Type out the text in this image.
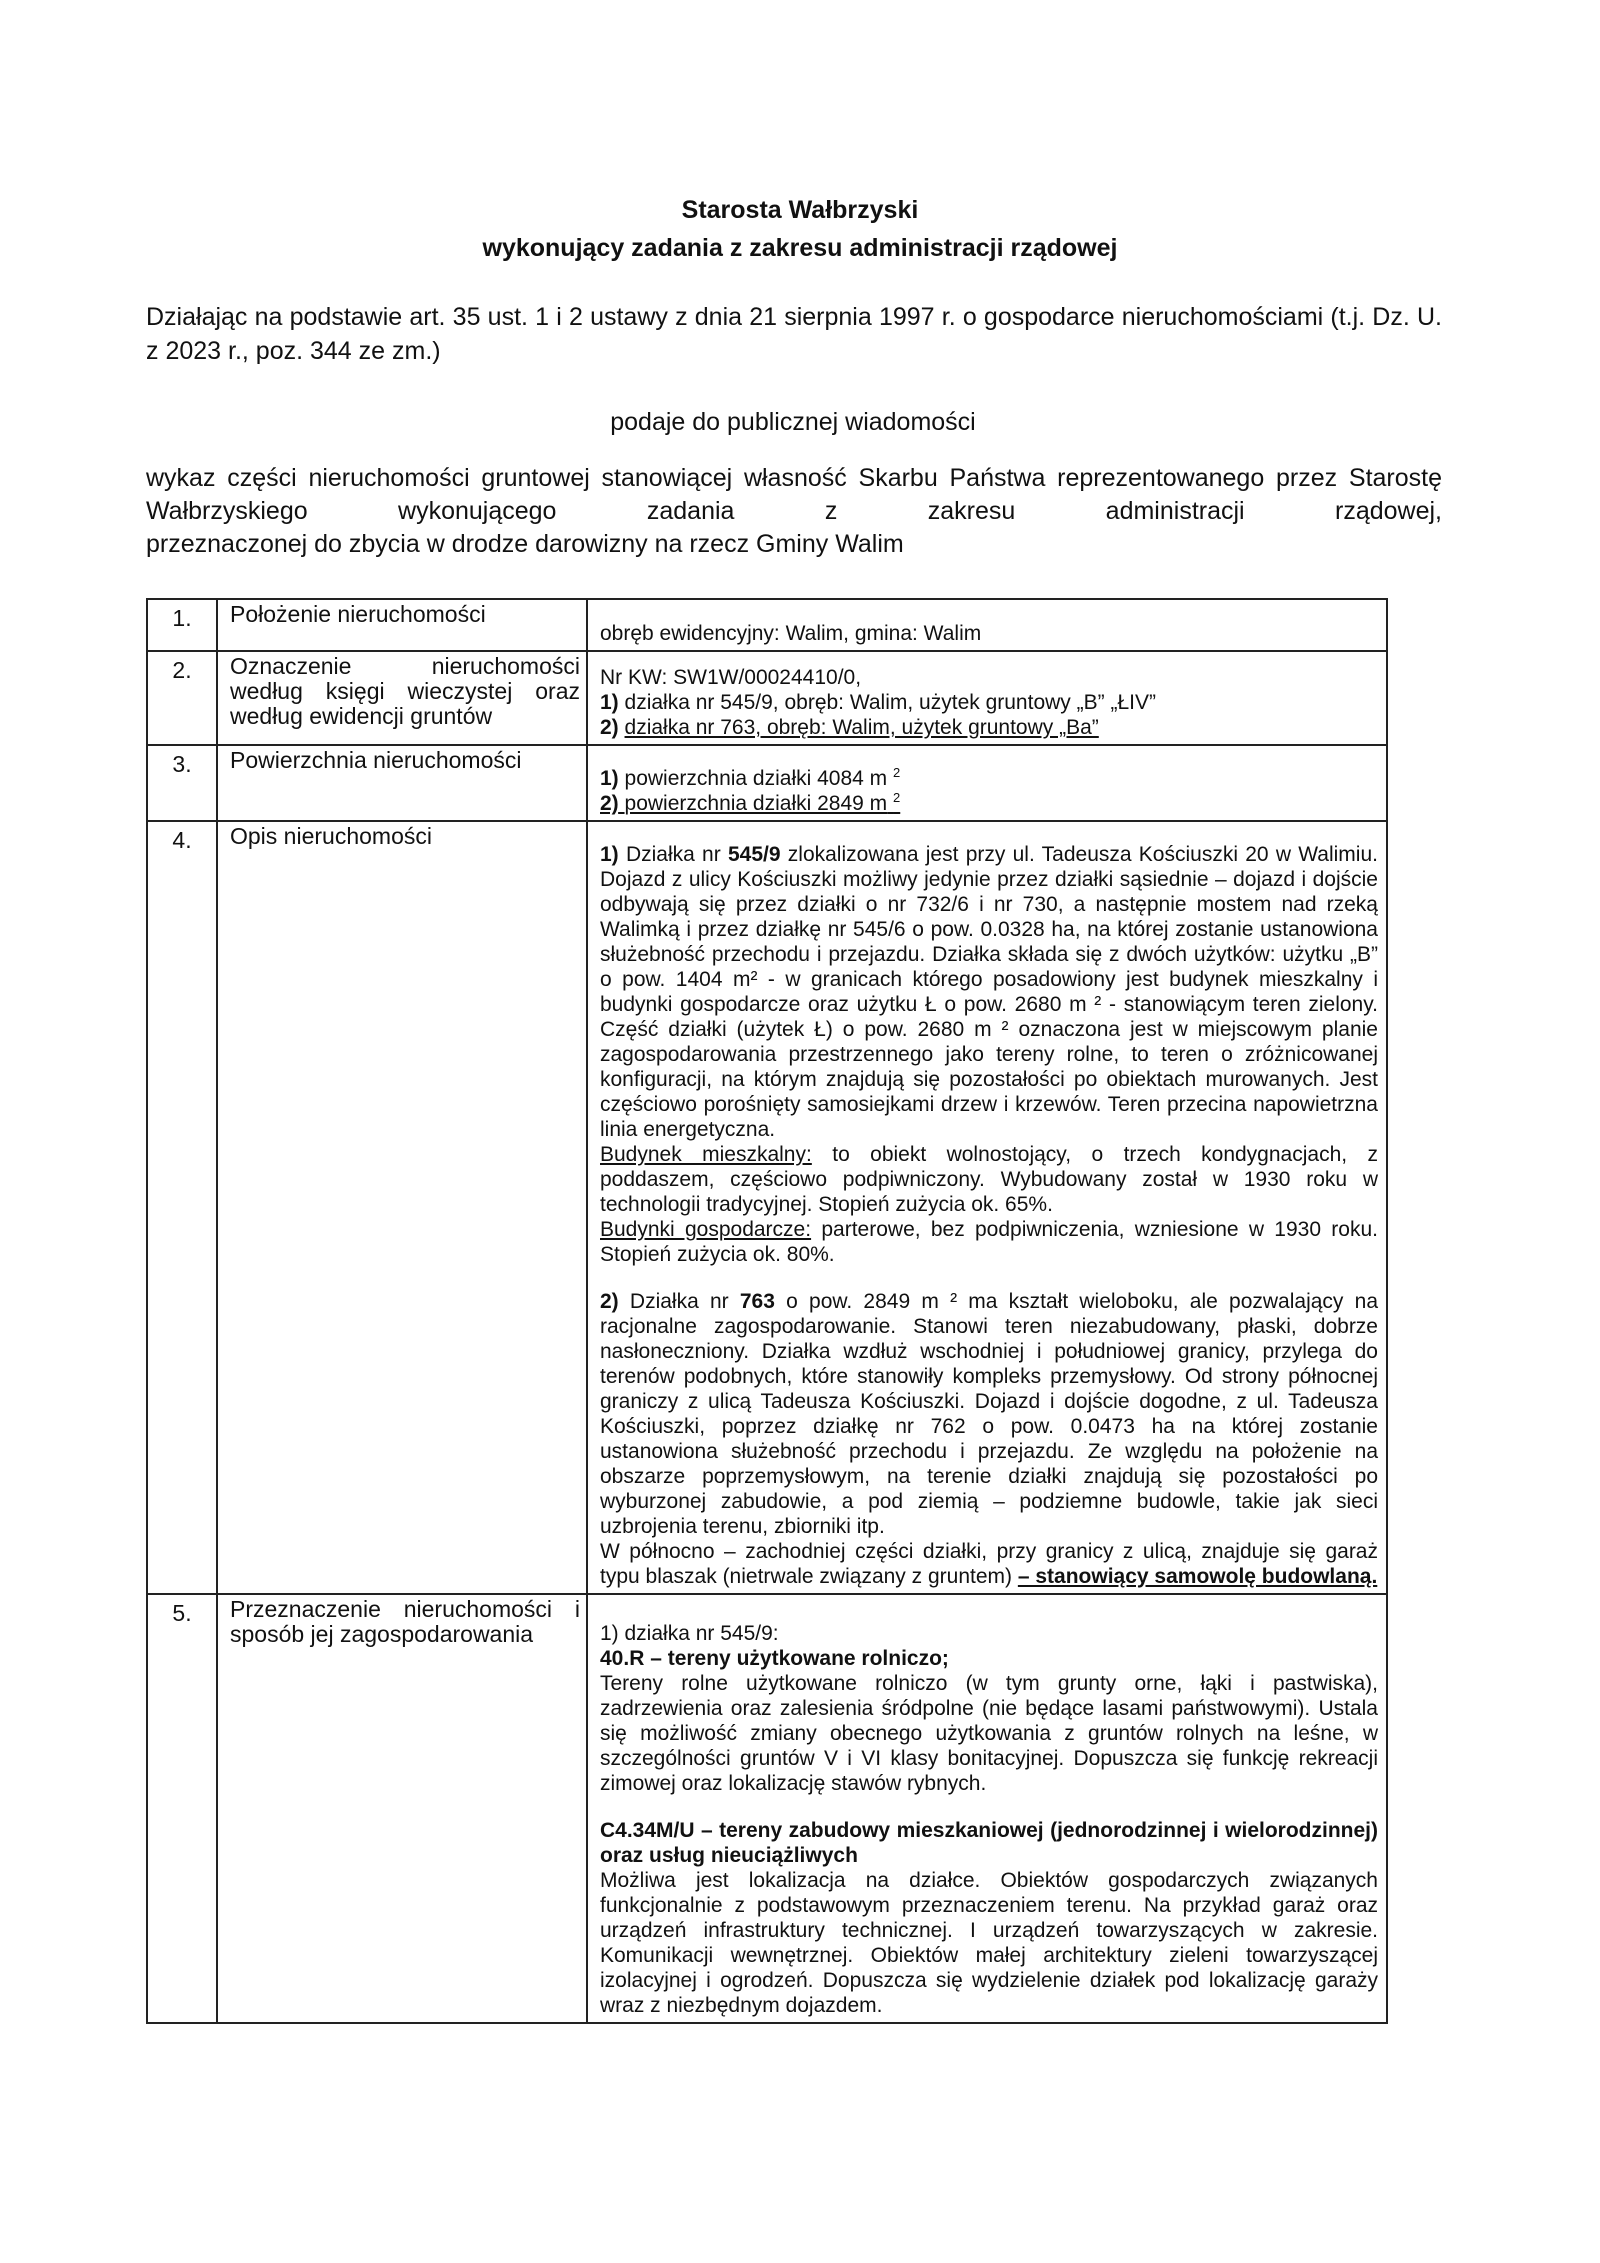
Starosta Wałbrzyski
wykonujący zadania z zakresu administracji rządowej
Działając na podstawie art. 35 ust. 1 i 2 ustawy z dnia 21 sierpnia 1997 r. o gospodarce nieruchomościami (t.j. Dz. U. z 2023 r., poz. 344 ze zm.)
podaje do publicznej wiadomości
wykaz części nieruchomości gruntowej stanowiącej własność Skarbu Państwa reprezentowanego przez Starostę Wałbrzyskiego wykonującego zadania z zakresu administracji rządowej,
przeznaczonej do zbycia w drodze darowizny na rzecz Gminy Walim
1.	Położenie nieruchomości	obręb ewidencyjny: Walim, gmina: Walim

2.	Oznaczenie nieruchomości według księgi wieczystej oraz według ewidencji gruntów	Nr KW: SW1W/00024410/0,

1) działka nr 545/9, obręb: Walim, użytek gruntowy „B” „ŁIV”

2) działka nr 763, obręb: Walim, użytek gruntowy „Ba”

3.	Powierzchnia nieruchomości	1) powierzchnia działki 4084 m $^2$

2) powierzchnia działki 2849 m $^2$

4.	Opis nieruchomości	1) Działka nr 545/9 zlokalizowana jest przy ul. Tadeusza Kościuszki 20 w Walimiu. Dojazd z ulicy Kościuszki możliwy jedynie przez działki sąsiednie – dojazd i dojście odbywają się przez działki o nr 732/6 i nr 730, a następnie mostem nad rzeką Walimką i przez działkę nr 545/6 o pow. 0.0328 ha, na której zostanie ustanowiona służebność przechodu i przejazdu. Działka składa się z dwóch użytków: użytku „B” o pow. 1404 m² - w granicach którego posadowiony jest budynek mieszkalny i budynki gospodarcze oraz użytku Ł o pow. 2680 m ² - stanowiącym teren zielony. Część działki (użytek Ł) o pow. 2680 m ² oznaczona jest w miejscowym planie zagospodarowania przestrzennego jako tereny rolne, to teren o zróżnicowanej konfiguracji, na którym znajdują się pozostałości po obiektach murowanych. Jest częściowo porośnięty samosiejkami drzew i krzewów. Teren przecina napowietrzna linia energetyczna.

Budynek mieszkalny: to obiekt wolnostojący, o trzech kondygnacjach, z poddaszem, częściowo podpiwniczony. Wybudowany został w 1930 roku w technologii tradycyjnej. Stopień zużycia ok. 65%.

Budynki gospodarcze: parterowe, bez podpiwniczenia, wzniesione w 1930 roku. Stopień zużycia ok. 80%.

2) Działka nr 763 o pow. 2849 m ² ma kształt wieloboku, ale pozwalający na racjonalne zagospodarowanie. Stanowi teren niezabudowany, płaski, dobrze nasłoneczniony. Działka wzdłuż wschodniej i południowej granicy, przylega do terenów podobnych, które stanowiły kompleks przemysłowy. Od strony północnej graniczy z ulicą Tadeusza Kościuszki. Dojazd i dojście dogodne, z ul. Tadeusza Kościuszki, poprzez działkę nr 762 o pow. 0.0473 ha na której zostanie ustanowiona służebność przechodu i przejazdu. Ze względu na położenie na obszarze poprzemysłowym, na terenie działki znajdują się pozostałości po wyburzonej zabudowie, a pod ziemią – podziemne budowle, takie jak sieci uzbrojenia terenu, zbiorniki itp.

W północno – zachodniej części działki, przy granicy z ulicą, znajduje się garaż typu blaszak (nietrwale związany z gruntem) – stanowiący samowolę budowlaną.

5.	Przeznaczenie nieruchomości i sposób jej zagospodarowania	1) działka nr 545/9:

40.R – tereny użytkowane rolniczo;

Tereny rolne użytkowane rolniczo (w tym grunty orne, łąki i pastwiska), zadrzewienia oraz zalesienia śródpolne (nie będące lasami państwowymi). Ustala się możliwość zmiany obecnego użytkowania z gruntów rolnych na leśne, w szczególności gruntów V i VI klasy bonitacyjnej. Dopuszcza się funkcję rekreacji zimowej oraz lokalizację stawów rybnych.

C4.34M/U – tereny zabudowy mieszkaniowej (jednorodzinnej i wielorodzinnej) oraz usług nieuciążliwych

Możliwa jest lokalizacja na działce. Obiektów gospodarczych związanych funkcjonalnie z podstawowym przeznaczeniem terenu. Na przykład garaż oraz urządzeń infrastruktury technicznej. I urządzeń towarzyszących w zakresie. Komunikacji wewnętrznej. Obiektów małej architektury zieleni towarzyszącej izolacyjnej i ogrodzeń. Dopuszcza się wydzielenie działek pod lokalizację garaży wraz z niezbędnym dojazdem.
